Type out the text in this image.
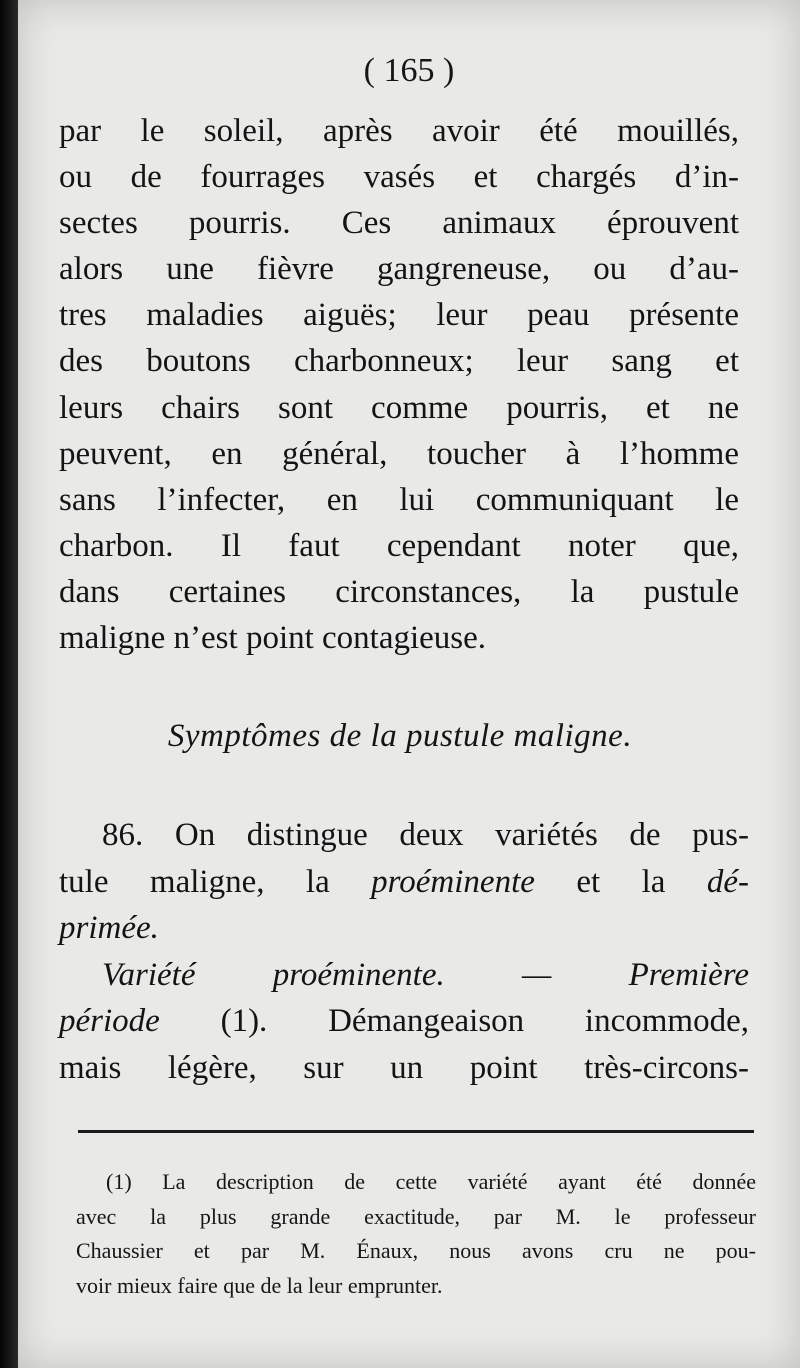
( 165 )
par le soleil, après avoir été mouillés,
ou de fourrages vasés et chargés d’in-
sectes pourris. Ces animaux éprouvent
alors une fièvre gangreneuse, ou d’au-
tres maladies aiguës; leur peau présente
des boutons charbonneux; leur sang et
leurs chairs sont comme pourris, et ne
peuvent, en général, toucher à l’homme
sans l’infecter, en lui communiquant le
charbon. Il faut cependant noter que,
dans certaines circonstances, la pustule
maligne n’est point contagieuse.
Symptômes de la pustule maligne.
86. On distingue deux variétés de pus-
tule maligne, la proéminente et la dé-
primée.
Variété proéminente. — Première
période (1). Démangeaison incommode,
mais légère, sur un point très-circons-
(1) La description de cette variété ayant été donnée
avec la plus grande exactitude, par M. le professeur
Chaussier et par M. Énaux, nous avons cru ne pou-
voir mieux faire que de la leur emprunter.
